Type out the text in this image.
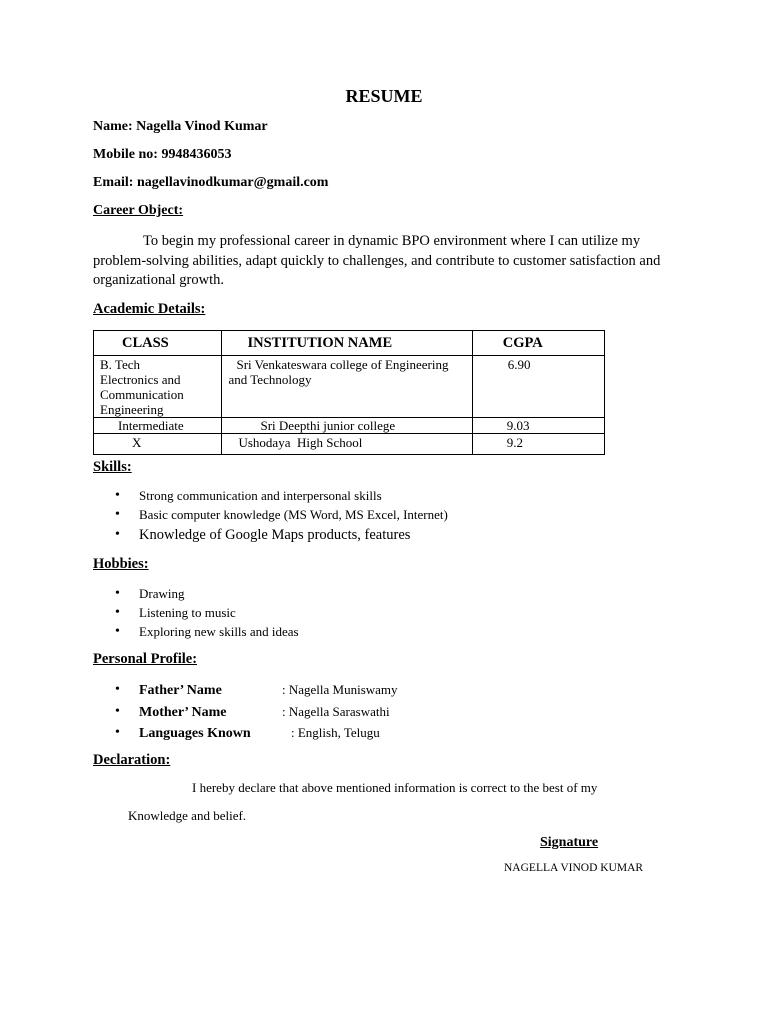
RESUME
Name: Nagella Vinod Kumar
Mobile no: 9948436053
Email: nagellavinodkumar@gmail.com
Career Object:
To begin my professional career in dynamic BPO environment where I can utilize my problem-solving abilities, adapt quickly to challenges, and contribute to customer satisfaction and organizational growth.
Academic Details:
CLASS	INSTITUTION NAME	CGPA

B. Tech Electronics and Communication Engineering	Sri Venkateswara college of Engineering and Technology	6.90

Intermediate	Sri Deepthi junior college	9.03

X	Ushodaya  High School	9.2
Skills:
• Strong communication and interpersonal skills
• Basic computer knowledge (MS Word, MS Excel, Internet)
• Knowledge of Google Maps products, features
Hobbies:
• Drawing
• Listening to music
• Exploring new skills and ideas
Personal Profile:
• Father’ Name	: Nagella Muniswamy
• Mother’ Name	: Nagella Saraswathi
• Languages Known	: English, Telugu
Declaration:
I hereby declare that above mentioned information is correct to the best of my
Knowledge and belief.
Signature
NAGELLA VINOD KUMAR
